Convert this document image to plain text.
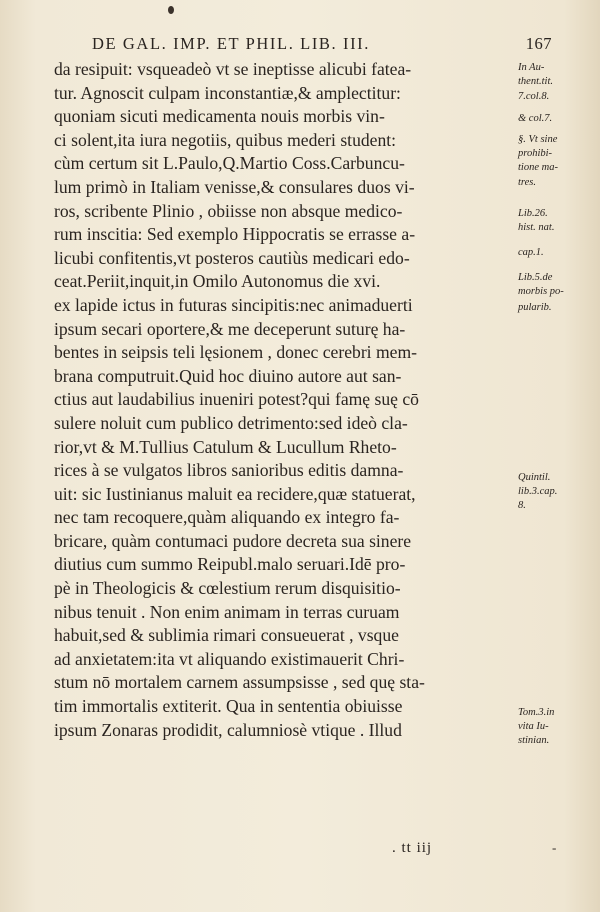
DE GAL. IMP. ET PHIL. LIB. III.	167
da resipuit: vsqueadeò vt se ineptisse alicubi fatea-
tur. Agnoscit culpam inconstantiæ,& amplectitur:
quoniam sicuti medicamenta nouis morbis vin-
ci solent,ita iura negotiis, quibus mederi student:
cùm certum sit L.Paulo,Q.Martio Coss.Carbuncu-
lum primò in Italiam venisse,& consulares duos vi-
ros, scribente Plinio , obiisse non absque medico-
rum inscitia: Sed exemplo Hippocratis se errasse a-
licubi confitentis,vt posteros cautiùs medicari edo-
ceat.Periit,inquit,in Omilo Autonomus die xvi.
ex lapide ictus in futuras sincipitis:nec animaduerti
ipsum secari oportere,& me deceperunt suturę ha-
bentes in seipsis teli lęsionem , donec cerebri mem-
brana computruit.Quid hoc diuino autore aut san-
ctius aut laudabilius inueniri potest?qui famę suę cō
sulere noluit cum publico detrimento:sed ideò cla-
rior,vt & M.Tullius Catulum & Lucullum Rheto-
rices à se vulgatos libros sanioribus editis damna-
uit: sic Iustinianus maluit ea recidere,quæ statuerat,
nec tam recoquere,quàm aliquando ex integro fa-
bricare, quàm contumaci pudore decreta sua sinere
diutius cum summo Reipubl.malo seruari.Idē pro-
pè in Theologicis & cœlestium rerum disquisitio-
nibus tenuit . Non enim animam in terras curuam
habuit,sed & sublimia rimari consueuerat , vsque
ad anxietatem:ita vt aliquando existimauerit Chri-
stum nō mortalem carnem assumpsisse , sed quę sta-
tim immortalis extiterit. Qua in sententia obiuisse
ipsum Zonaras prodidit, calumniosè vtique . Illud
In Au-
thent.tit.
7.col.8.
& col.7.
§. Vt sine
prohibi-
tione ma-
tres.
Lib.26.
hist. nat.
cap.1.
Lib.5.de
morbis po-
pularib.
Quintil.
lib.3.cap.
8.
Tom.3.in
vita Iu-
stinian.
. tt iij	-
